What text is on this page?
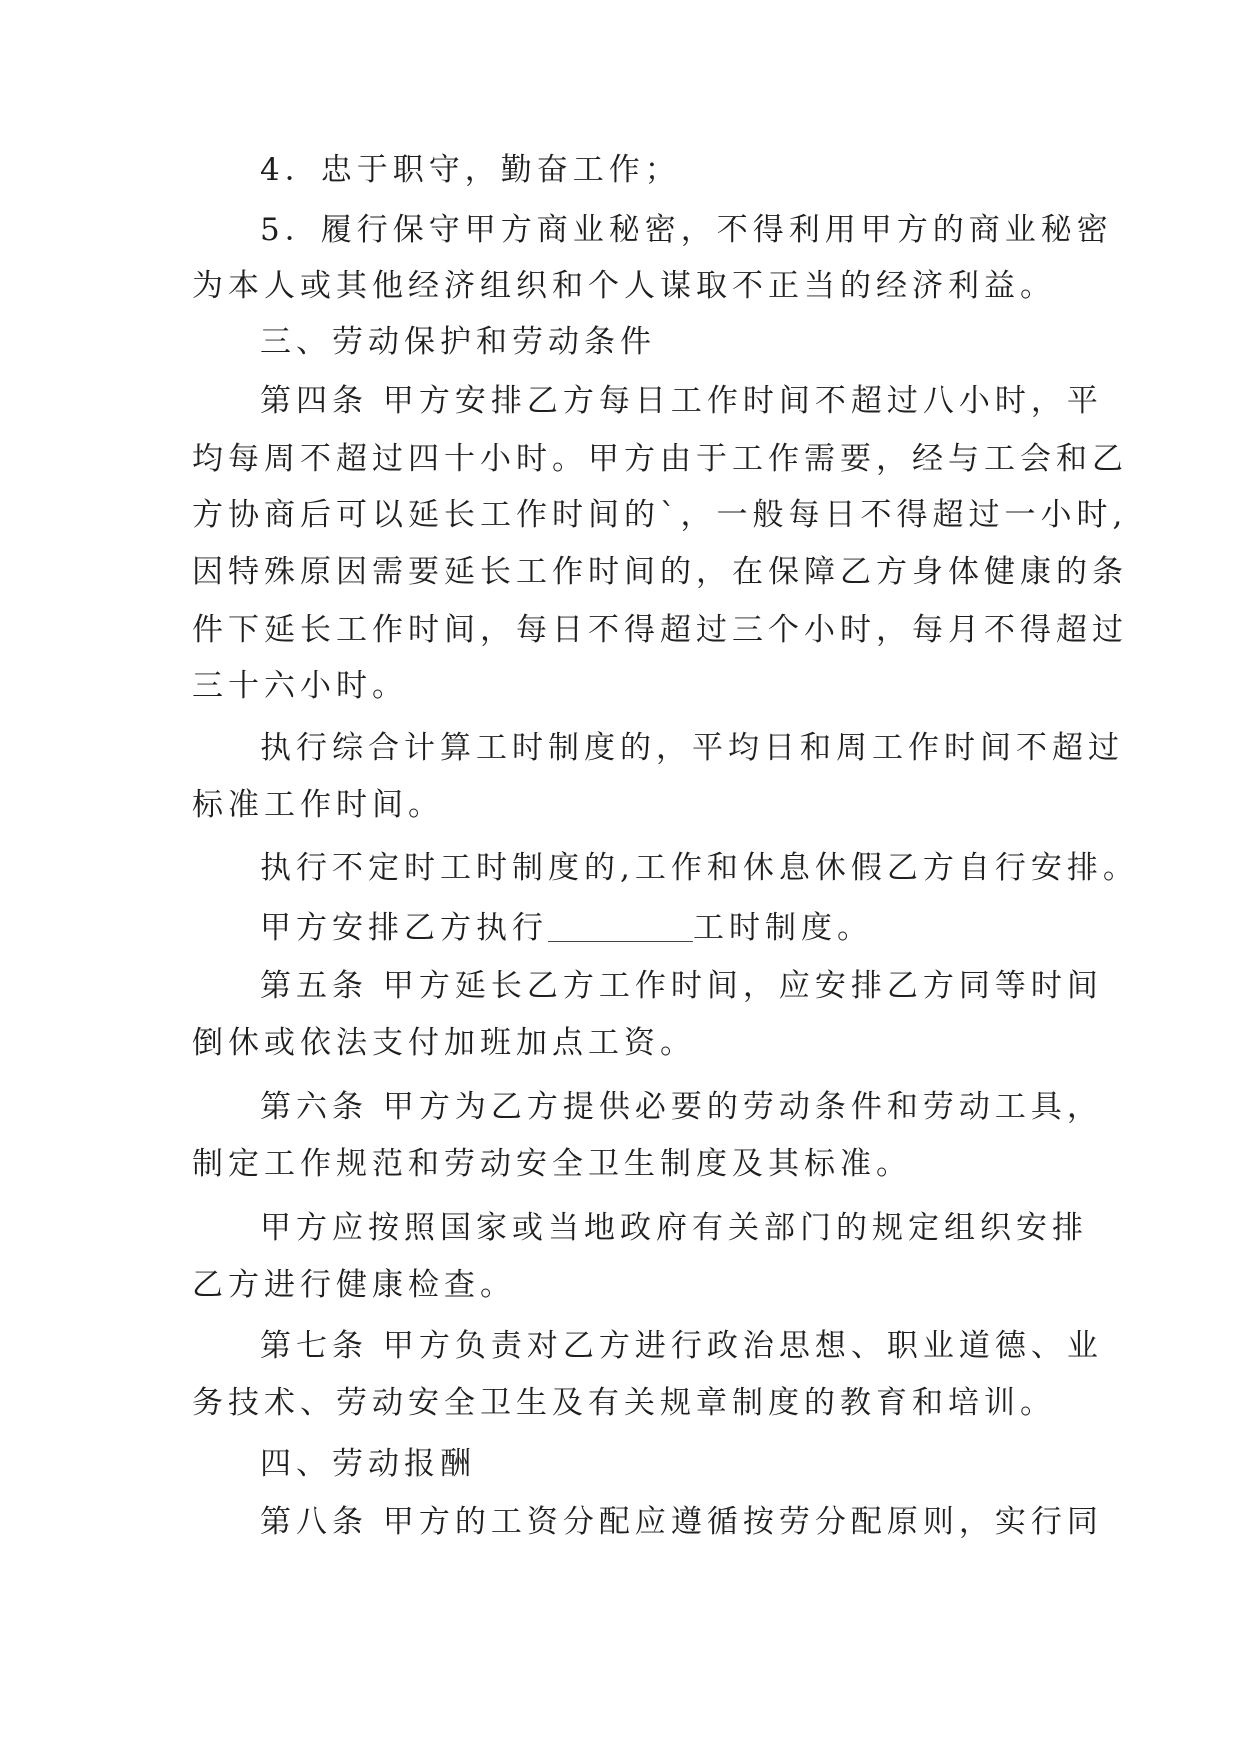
4．忠于职守，勤奋工作；

5．履行保守甲方商业秘密，不得利用甲方的商业秘密

为本人或其他经济组织和个人谋取不正当的经济利益。

三、劳动保护和劳动条件

第四条 甲方安排乙方每日工作时间不超过八小时，平

均每周不超过四十小时。甲方由于工作需要，经与工会和乙

方协商后可以延长工作时间的`，一般每日不得超过一小时,

因特殊原因需要延长工作时间的，在保障乙方身体健康的条

件下延长工作时间，每日不得超过三个小时，每月不得超过

三十六小时。

执行综合计算工时制度的，平均日和周工作时间不超过

标准工作时间。

执行不定时工时制度的,工作和休息休假乙方自行安排。

甲方安排乙方执行	工时制度。

第五条 甲方延长乙方工作时间，应安排乙方同等时间

倒休或依法支付加班加点工资。

第六条 甲方为乙方提供必要的劳动条件和劳动工具，

制定工作规范和劳动安全卫生制度及其标准。

甲方应按照国家或当地政府有关部门的规定组织安排

乙方进行健康检查。

第七条 甲方负责对乙方进行政治思想、职业道德、业

务技术、劳动安全卫生及有关规章制度的教育和培训。

四、劳动报酬

第八条 甲方的工资分配应遵循按劳分配原则，实行同
